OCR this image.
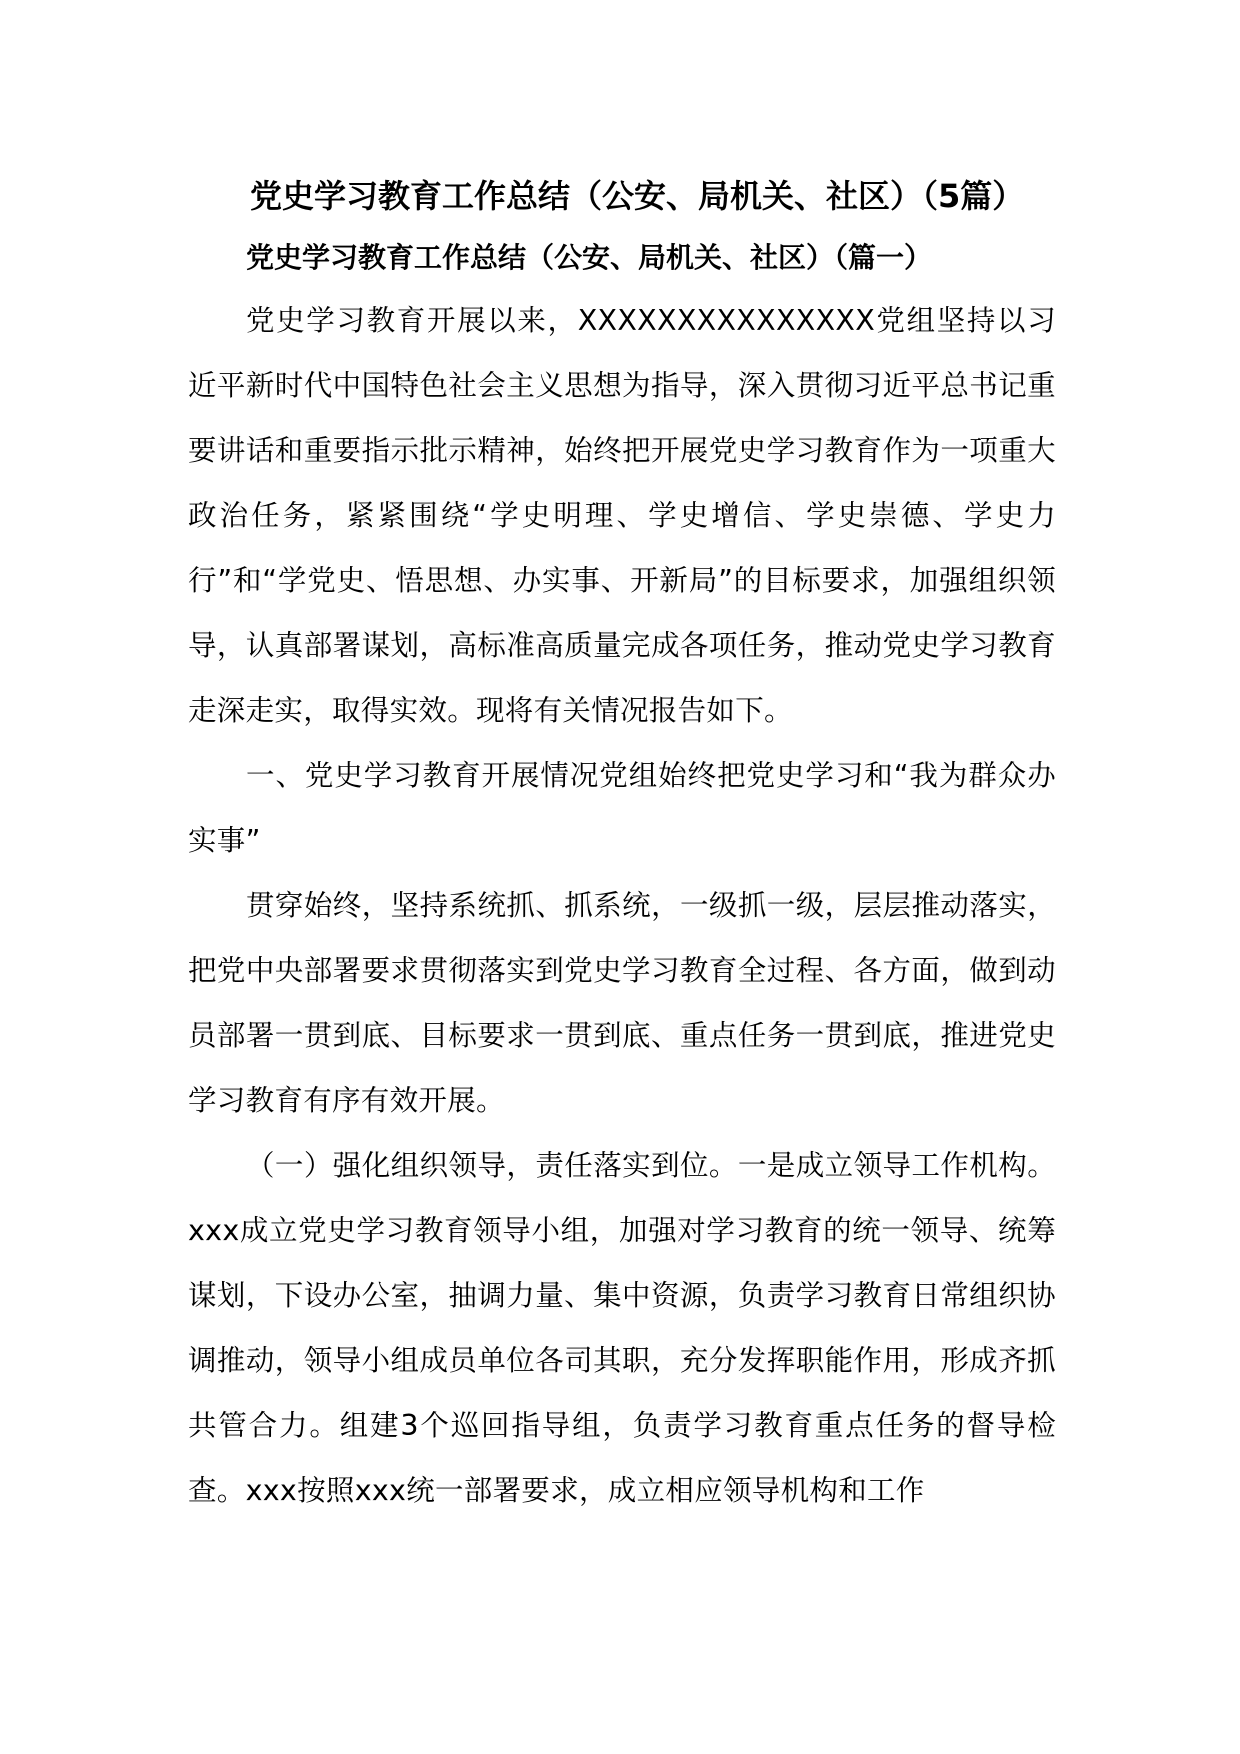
党史学习教育工作总结（公安、局机关、社区）（5篇）
党史学习教育工作总结（公安、局机关、社区）（篇一）

党史学习教育开展以来，XXXXXXXXXXXXXXX党组坚持以习近平新时代中国特色社会主义思想为指导，深入贯彻习近平总书记重要讲话和重要指示批示精神，始终把开展党史学习教育作为一项重大政治任务，紧紧围绕“学史明理、学史增信、学史崇德、学史力行”和“学党史、悟思想、办实事、开新局”的目标要求，加强组织领导，认真部署谋划，高标准高质量完成各项任务，推动党史学习教育走深走实，取得实效。现将有关情况报告如下。

一、党史学习教育开展情况党组始终把党史学习和“我为群众办实事”

贯穿始终，坚持系统抓、抓系统，一级抓一级，层层推动落实，把党中央部署要求贯彻落实到党史学习教育全过程、各方面，做到动员部署一贯到底、目标要求一贯到底、重点任务一贯到底，推进党史学习教育有序有效开展。

（一）强化组织领导，责任落实到位。一是成立领导工作机构。xxx成立党史学习教育领导小组，加强对学习教育的统一领导、统筹谋划，下设办公室，抽调力量、集中资源，负责学习教育日常组织协调推动，领导小组成员单位各司其职，充分发挥职能作用，形成齐抓共管合力。组建3个巡回指导组，负责学习教育重点任务的督导检查。xxx按照xxx统一部署要求，成立相应领导机构和工作
